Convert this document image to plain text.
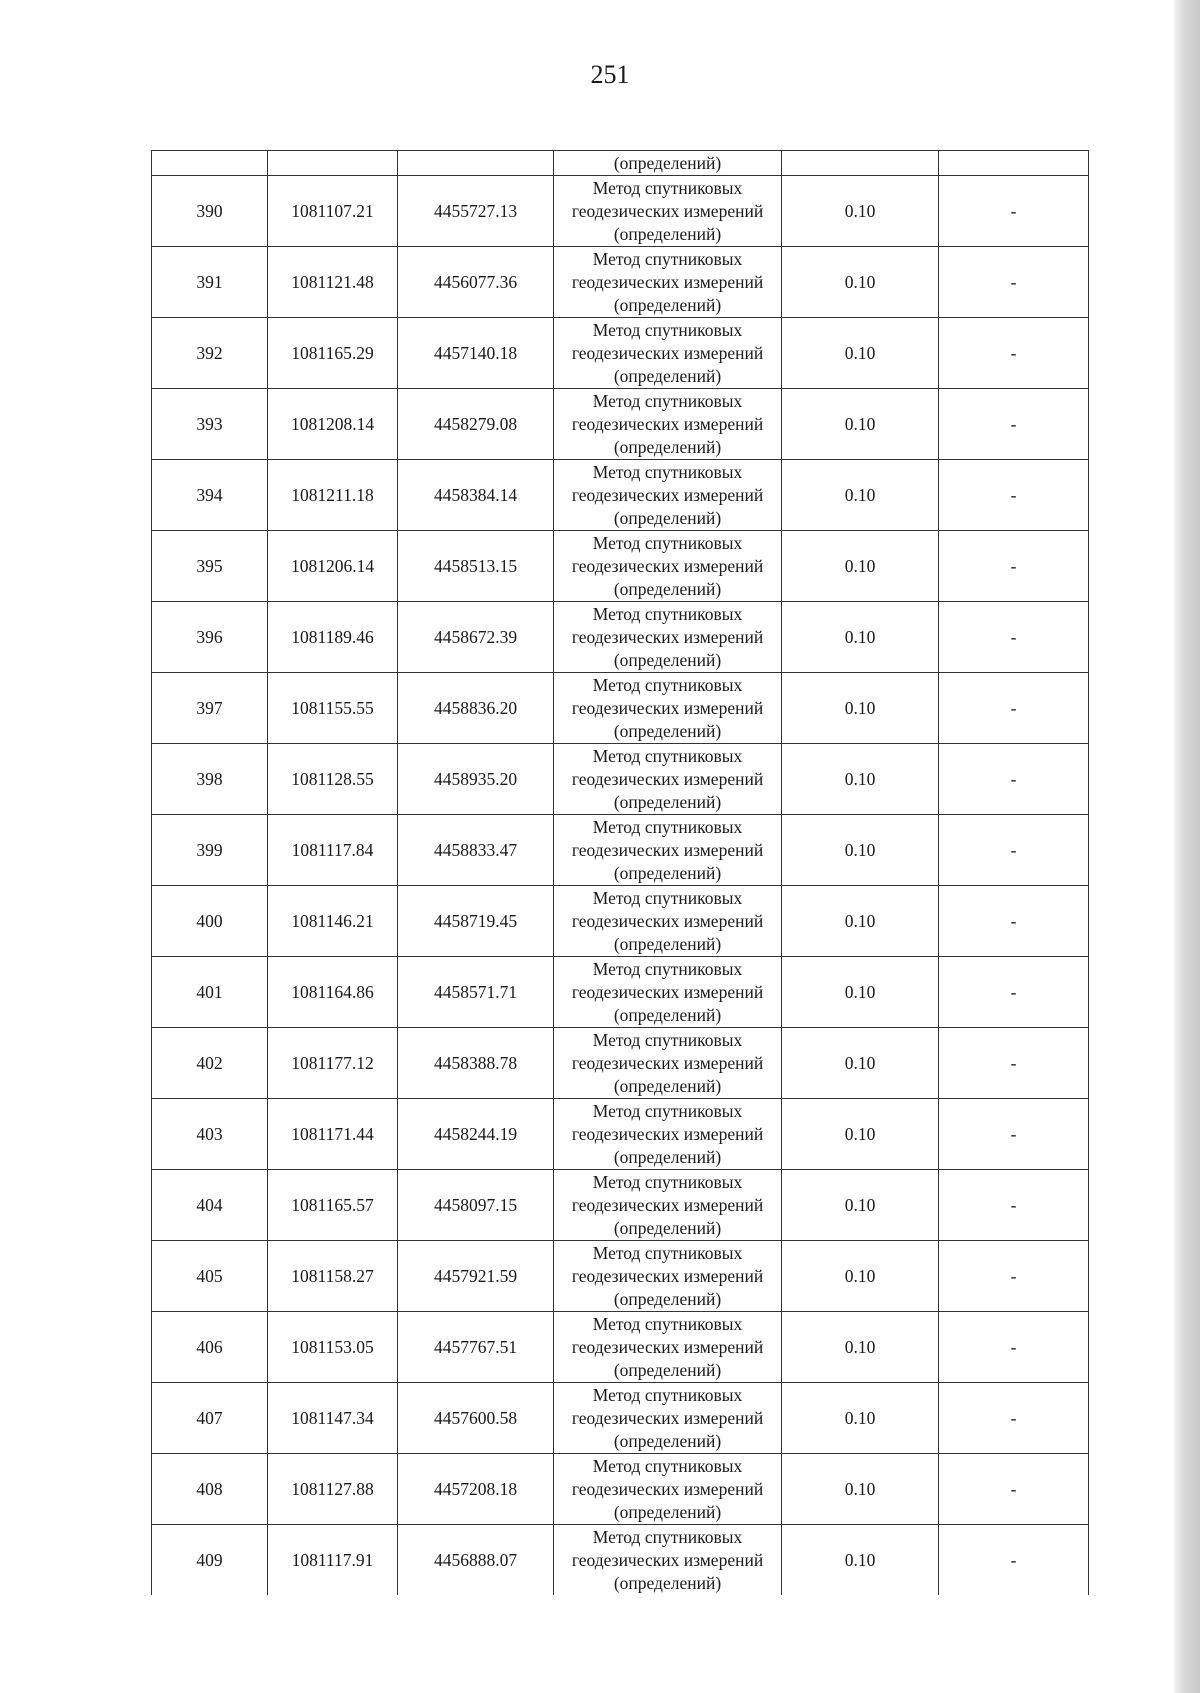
251
			(определений)		
390	1081107.21	4455727.13	Метод спутниковых
геодезических измерений
(определений)	0.10	-
391	1081121.48	4456077.36	Метод спутниковых
геодезических измерений
(определений)	0.10	-
392	1081165.29	4457140.18	Метод спутниковых
геодезических измерений
(определений)	0.10	-
393	1081208.14	4458279.08	Метод спутниковых
геодезических измерений
(определений)	0.10	-
394	1081211.18	4458384.14	Метод спутниковых
геодезических измерений
(определений)	0.10	-
395	1081206.14	4458513.15	Метод спутниковых
геодезических измерений
(определений)	0.10	-
396	1081189.46	4458672.39	Метод спутниковых
геодезических измерений
(определений)	0.10	-
397	1081155.55	4458836.20	Метод спутниковых
геодезических измерений
(определений)	0.10	-
398	1081128.55	4458935.20	Метод спутниковых
геодезических измерений
(определений)	0.10	-
399	1081117.84	4458833.47	Метод спутниковых
геодезических измерений
(определений)	0.10	-
400	1081146.21	4458719.45	Метод спутниковых
геодезических измерений
(определений)	0.10	-
401	1081164.86	4458571.71	Метод спутниковых
геодезических измерений
(определений)	0.10	-
402	1081177.12	4458388.78	Метод спутниковых
геодезических измерений
(определений)	0.10	-
403	1081171.44	4458244.19	Метод спутниковых
геодезических измерений
(определений)	0.10	-
404	1081165.57	4458097.15	Метод спутниковых
геодезических измерений
(определений)	0.10	-
405	1081158.27	4457921.59	Метод спутниковых
геодезических измерений
(определений)	0.10	-
406	1081153.05	4457767.51	Метод спутниковых
геодезических измерений
(определений)	0.10	-
407	1081147.34	4457600.58	Метод спутниковых
геодезических измерений
(определений)	0.10	-
408	1081127.88	4457208.18	Метод спутниковых
геодезических измерений
(определений)	0.10	-
409	1081117.91	4456888.07	Метод спутниковых
геодезических измерений
(определений)	0.10	-
